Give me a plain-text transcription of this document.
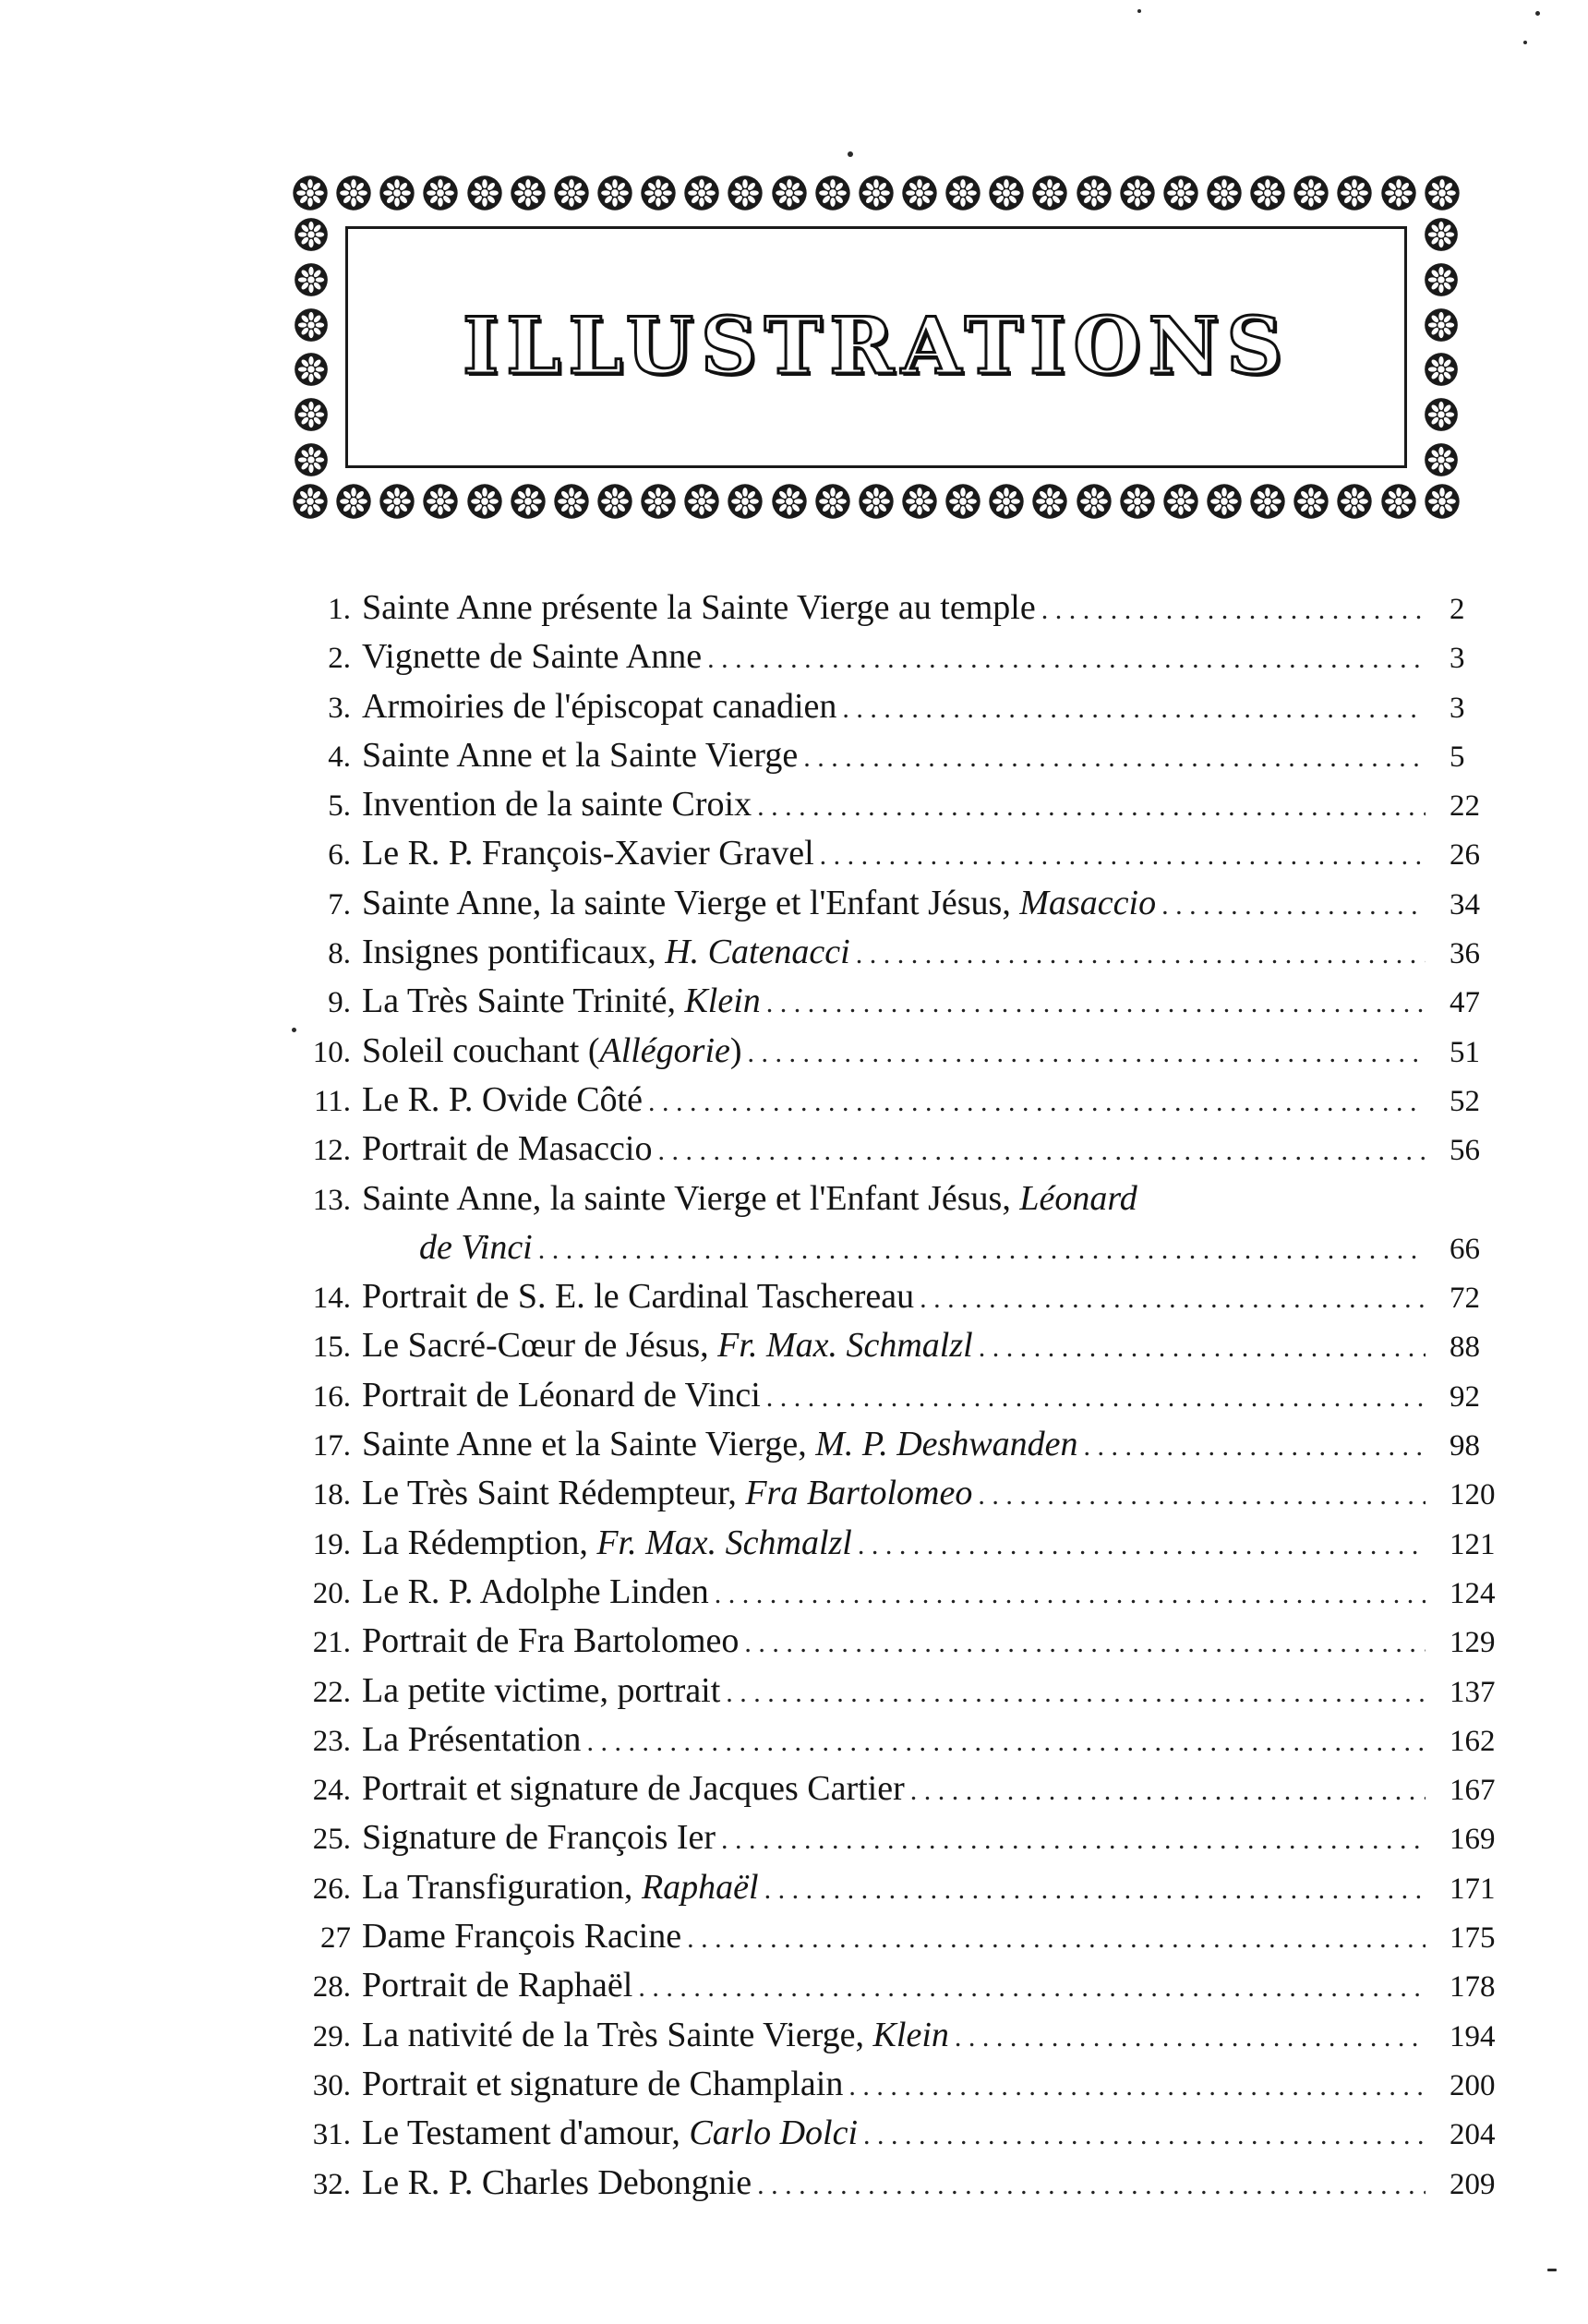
ILLUSTRATIONS
1. Sainte Anne présente la Sainte Vierge au temple . . .	2
2. Vignette de Sainte Anne . . .	3
3. Armoiries de l'épiscopat canadien . . .	3
4. Sainte Anne et la Sainte Vierge . . .	5
5. Invention de la sainte Croix . . .	22
6. Le R. P. François-Xavier Gravel . . .	26
7. Sainte Anne, la sainte Vierge et l'Enfant Jésus, Masaccio . . .	34
8. Insignes pontificaux, H. Catenacci . . .	36
9. La Très Sainte Trinité, Klein . . .	47
10. Soleil couchant (Allégorie) . . .	51
11. Le R. P. Ovide Côté . . .	52
12. Portrait de Masaccio . . .	56
13. Sainte Anne, la sainte Vierge et l'Enfant Jésus, Léonard
de Vinci . . .	66
14. Portrait de S. E. le Cardinal Taschereau . . .	72
15. Le Sacré-Cœur de Jésus, Fr. Max. Schmalzl . . .	88
16. Portrait de Léonard de Vinci . . .	92
17. Sainte Anne et la Sainte Vierge, M. P. Deshwanden . . .	98
18. Le Très Saint Rédempteur, Fra Bartolomeo . . .	120
19. La Rédemption, Fr. Max. Schmalzl . . .	121
20. Le R. P. Adolphe Linden . . .	124
21. Portrait de Fra Bartolomeo . . .	129
22. La petite victime, portrait . . .	137
23. La Présentation . . .	162
24. Portrait et signature de Jacques Cartier . . .	167
25. Signature de François Ier . . .	169
26. La Transfiguration, Raphaël . . .	171
27 Dame François Racine . . .	175
28. Portrait de Raphaël . . .	178
29. La nativité de la Très Sainte Vierge, Klein . . .	194
30. Portrait et signature de Champlain . . .	200
31. Le Testament d'amour, Carlo Dolci . . .	204
32. Le R. P. Charles Debongnie . . .	209
